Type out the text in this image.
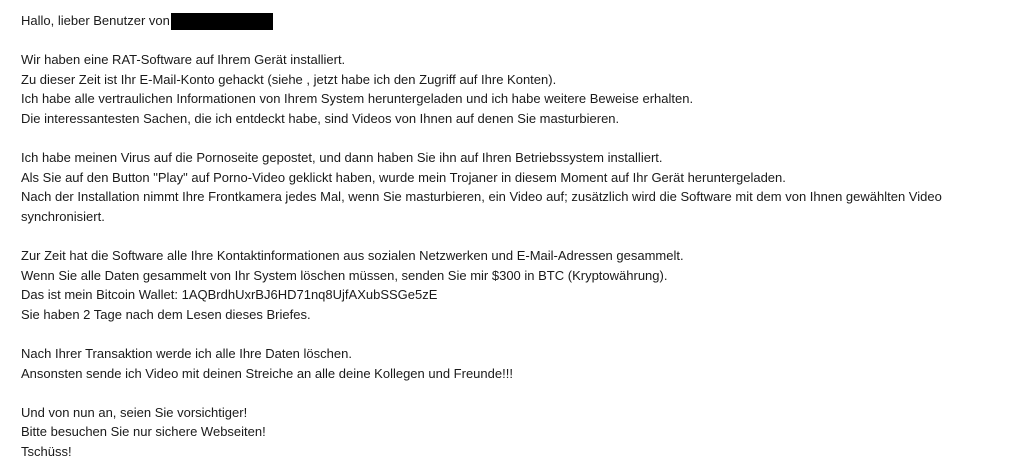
Hallo, lieber Benutzer von

Wir haben eine RAT-Software auf Ihrem Gerät installiert.

Zu dieser Zeit ist Ihr E-Mail-Konto gehackt (siehe , jetzt habe ich den Zugriff auf Ihre Konten).

Ich habe alle vertraulichen Informationen von Ihrem System heruntergeladen und ich habe weitere Beweise erhalten.

Die interessantesten Sachen, die ich entdeckt habe, sind Videos von Ihnen auf denen Sie masturbieren.

Ich habe meinen Virus auf die Pornoseite gepostet, und dann haben Sie ihn auf Ihren Betriebssystem installiert.

Als Sie auf den Button "Play" auf Porno-Video geklickt haben, wurde mein Trojaner in diesem Moment auf Ihr Gerät heruntergeladen.

Nach der Installation nimmt Ihre Frontkamera jedes Mal, wenn Sie masturbieren, ein Video auf; zusätzlich wird die Software mit dem von Ihnen gewählten Video synchronisiert.

Zur Zeit hat die Software alle Ihre Kontaktinformationen aus sozialen Netzwerken und E-Mail-Adressen gesammelt.

Wenn Sie alle Daten gesammelt von Ihr System löschen müssen, senden Sie mir $300 in BTC (Kryptowährung).

Das ist mein Bitcoin Wallet: 1AQBrdhUxrBJ6HD71nq8UjfAXubSSGe5zE

Sie haben 2 Tage nach dem Lesen dieses Briefes.

Nach Ihrer Transaktion werde ich alle Ihre Daten löschen.

Ansonsten sende ich Video mit deinen Streiche an alle deine Kollegen und Freunde!!!

Und von nun an, seien Sie vorsichtiger!

Bitte besuchen Sie nur sichere Webseiten!

Tschüss!
